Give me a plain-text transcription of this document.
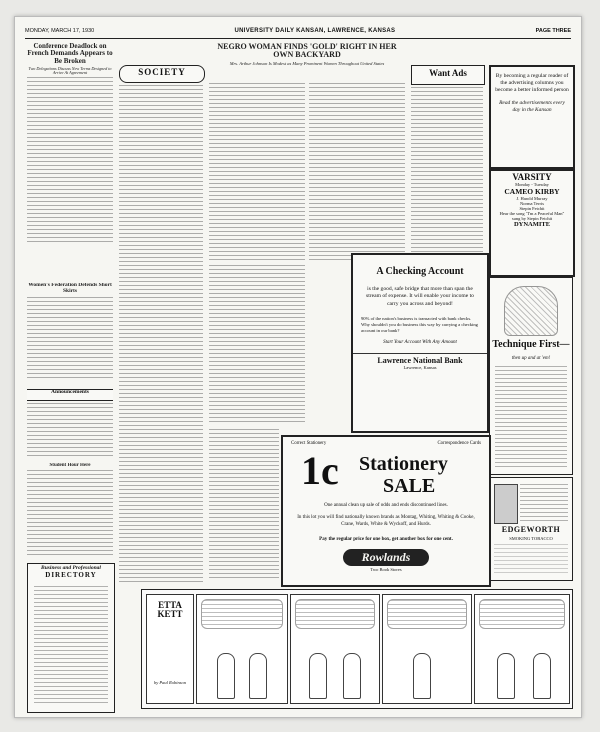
MONDAY, MARCH 17, 1930	UNIVERSITY DAILY KANSAN, LAWRENCE, KANSAS	PAGE THREE
Conference Deadlock on French Demands Appears to Be Broken
Two Delegations Discuss New Terms Designed to Arrive At Agreement
Women's Federation Defends Short Skirts
Announcements
Student Hour Here
Business and Professional
DIRECTORY
SOCIETY
NEGRO WOMAN FINDS 'GOLD' RIGHT IN HER OWN BACKYARD
Mrs. Arthur Johnson Is Modest as Many Prominent Women Throughout United States
Want Ads	By becoming a regular reader of the advertising columns you become a better informed person
Read the advertisements every day in the Kansan
VARSITY
Monday - Tuesday
CAMEO KIRBY
J. Harold Murray
Norma Terris
Stepin Fetchit
Hear the song "I'm a Peaceful Man"
sung by Stepin Fetchit
DYNAMITE
A Checking Account
is the good, safe bridge that more than span the stream of expense. It will enable your income to carry you across and beyond!
90% of the nation's business is transacted with bank checks. Why shouldn't you do business this way by carrying a checking account in our bank?
Start Your Account With Any Amount
Lawrence National Bank
Lawrence, Kansas
Technique First—
then up and at 'em!
EDGEWORTH
SMOKING TOBACCO
Correct Stationery	Correspondence Cards
1c Stationery
SALE
One annual clean up sale of odds and ends discontinued lines.
In this lot you will find nationally known brands as Montag, Whiting, Whiting & Cooke, Crane, Wards, White & Wyckoff, and Hurds.
Pay the regular price for one box, get another box for one cent.
Rowlands
Two Book Stores
ETTA KETT
by Paul Robinson
